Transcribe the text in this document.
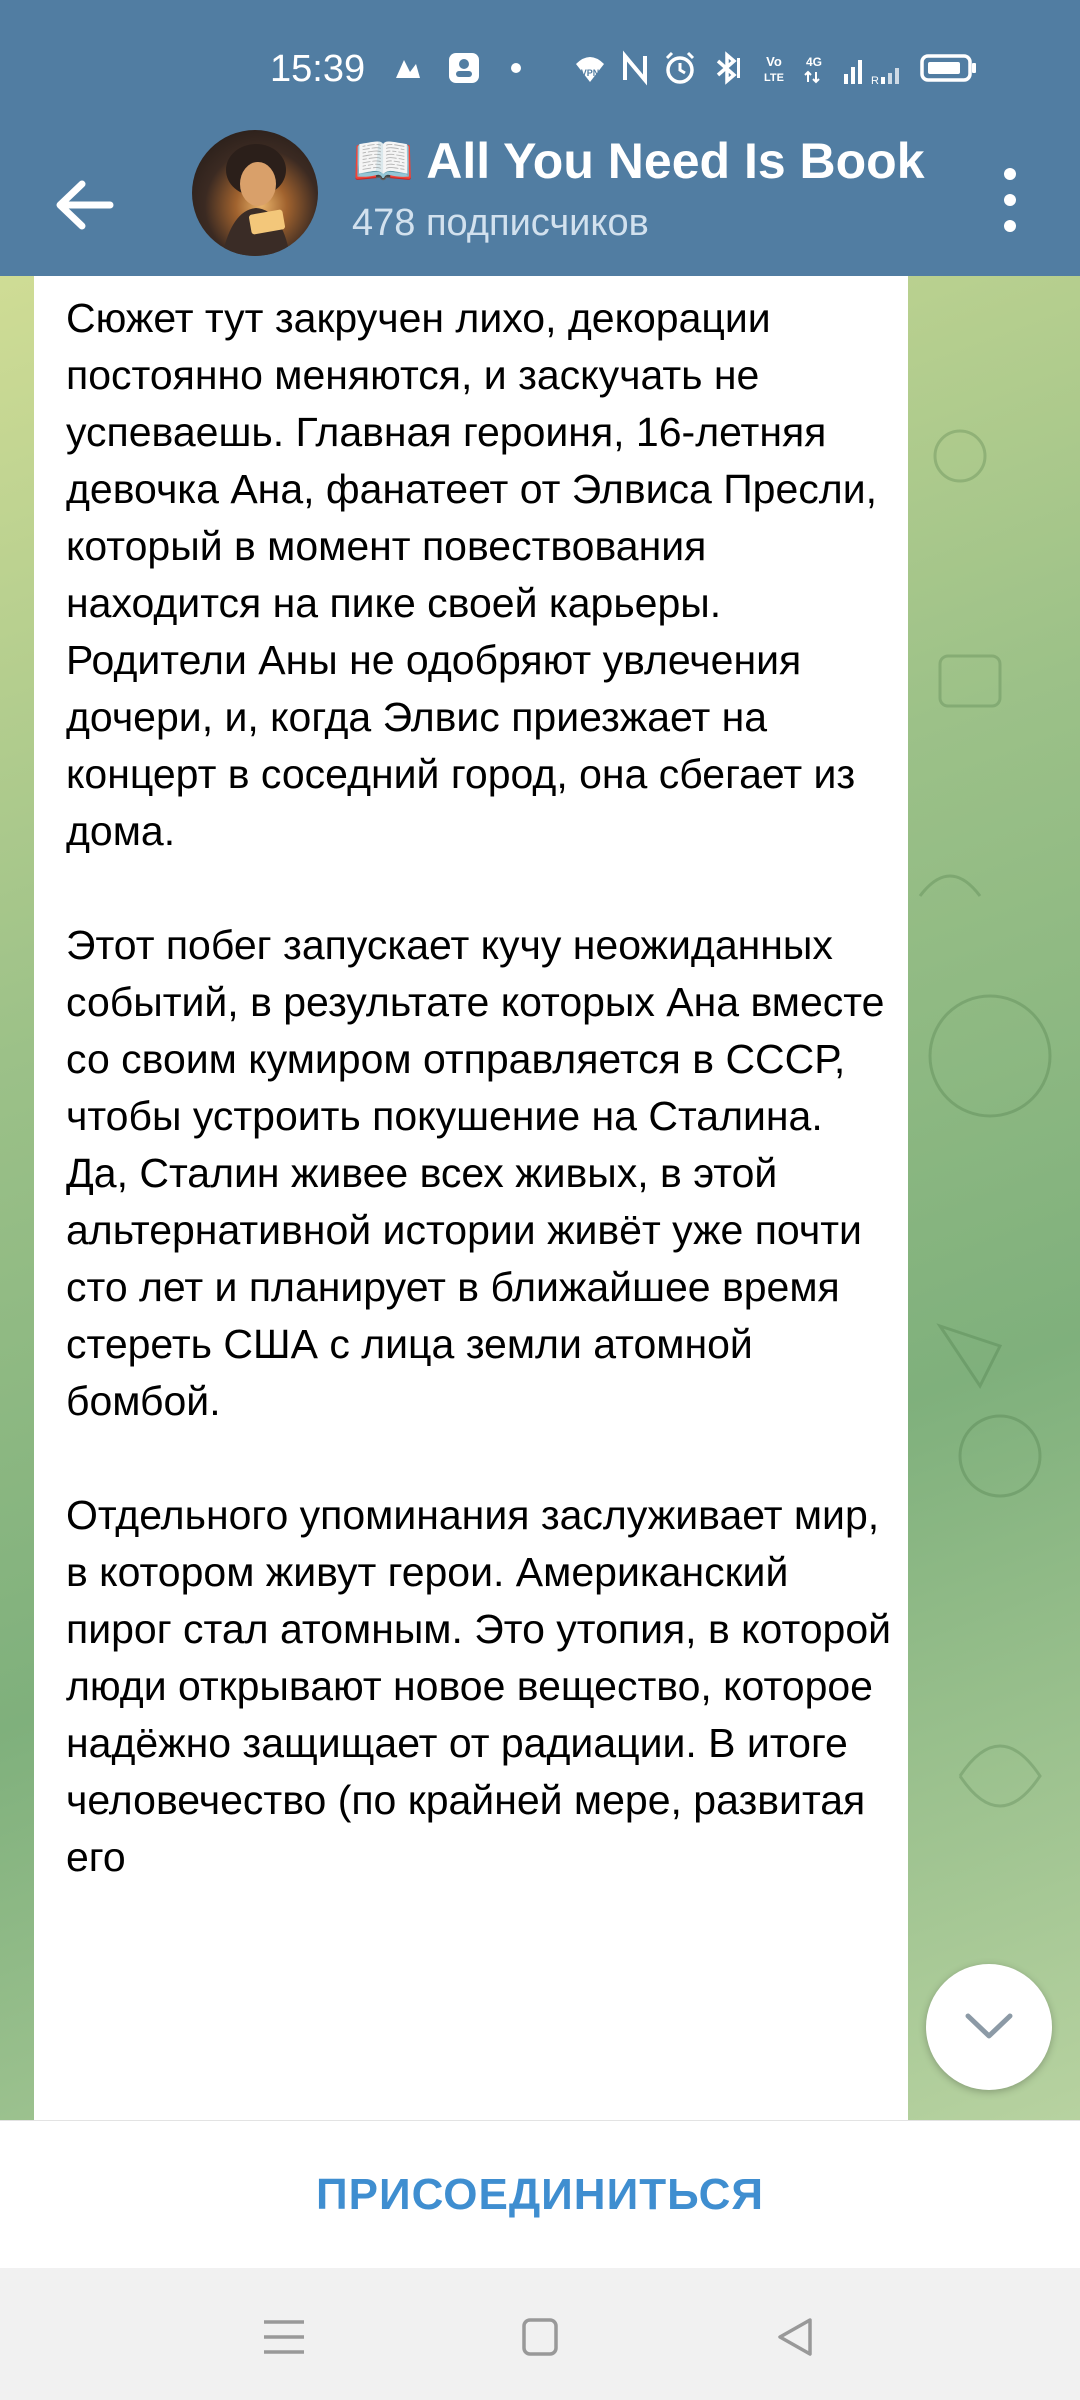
15:39	VPN
Vo
LTE
4G
R
📖 All You Need Is Book
478 подписчиков

Сюжет тут закручен лихо, декорации постоянно меняются, и заскучать не успеваешь. Главная героиня, 16-летняя девочка Ана, фанатеет от Элвиса Пресли, который в момент повествования находится на пике своей карьеры. Родители Аны не одобряют увлечения дочери, и, когда Элвис приезжает на концерт в соседний город, она сбегает из дома.

Этот побег запускает кучу неожиданных событий, в результате которых Ана вместе со своим кумиром отправляется в СССР, чтобы устроить покушение на Сталина. Да, Сталин живее всех живых, в этой альтернативной истории живёт уже почти сто лет и планирует в ближайшее время стереть США с лица земли атомной бомбой.

Отдельного упоминания заслуживает мир, в котором живут герои. Американский пирог стал атомным. Это утопия, в которой люди открывают новое вещество, которое надёжно защищает от радиации. В итоге человечество (по крайней мере, развитая его

ПРИСОЕДИНИТЬСЯ
